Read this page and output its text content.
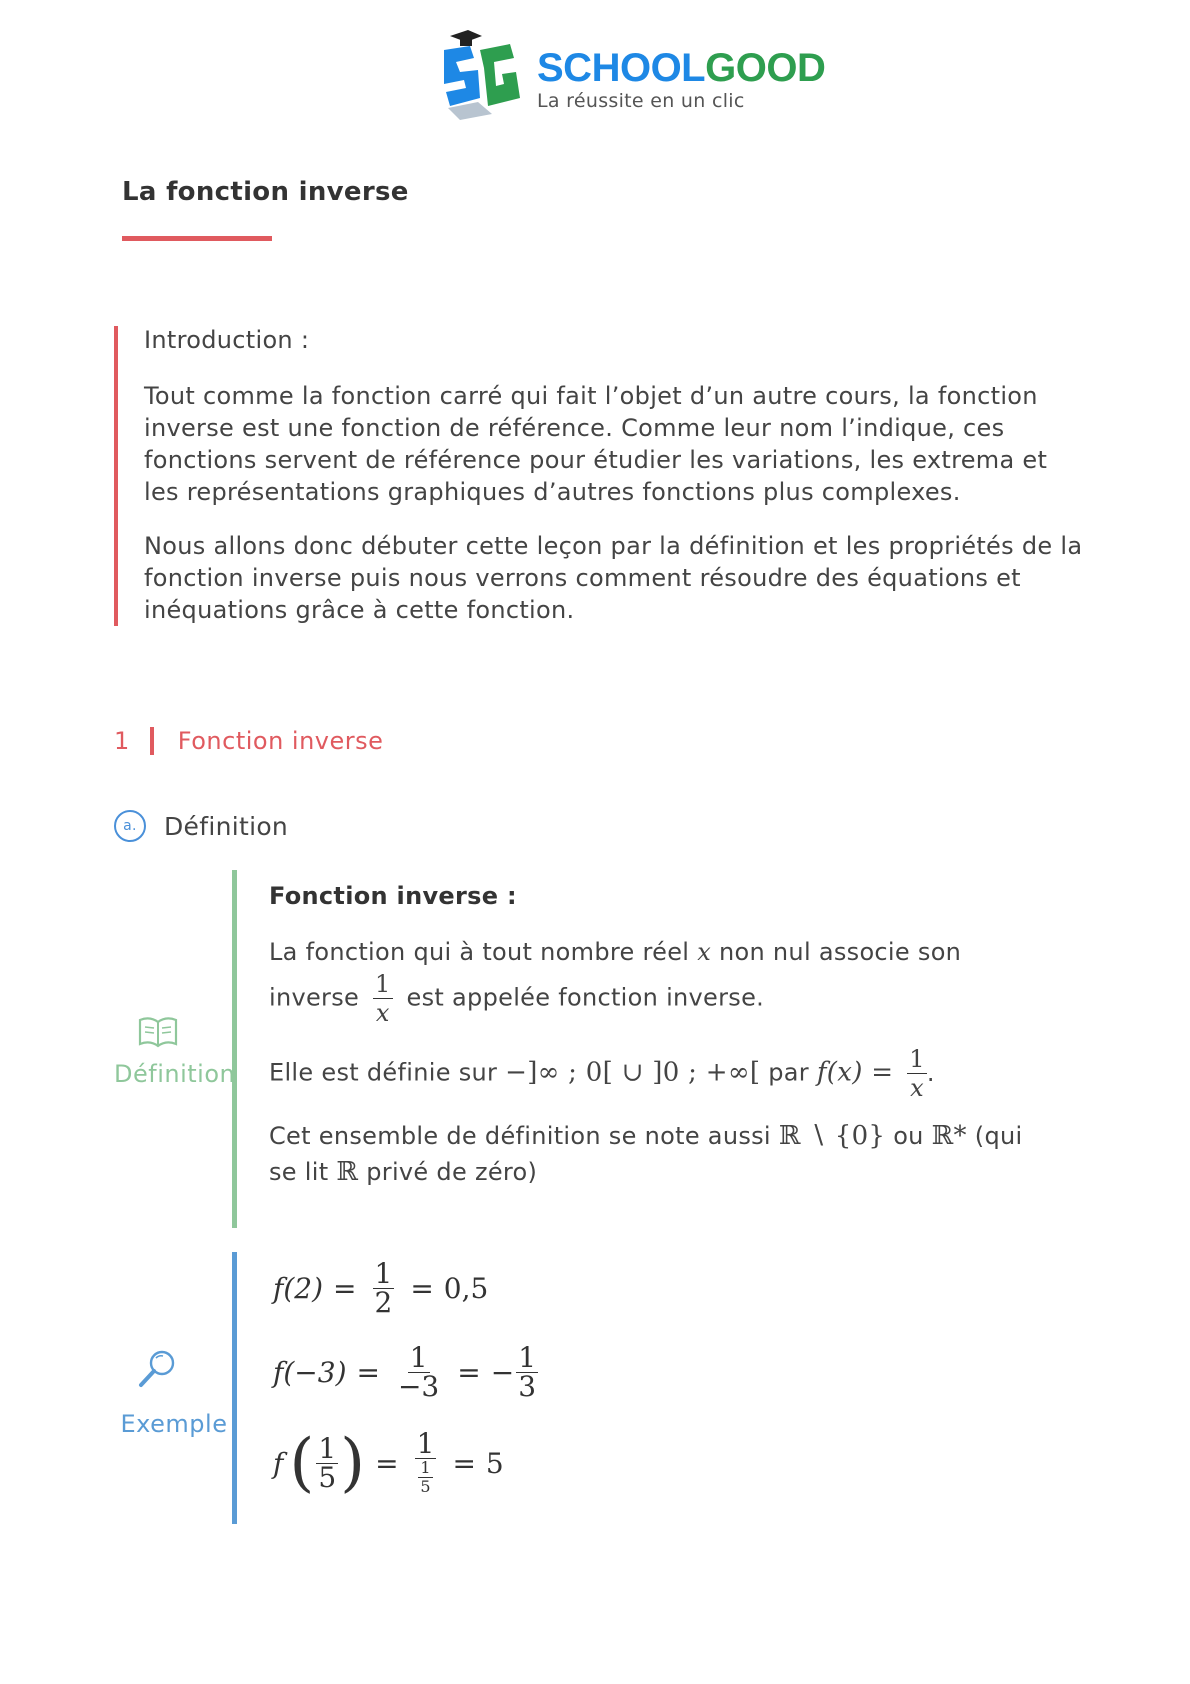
SCHOOLGOOD
La réussite en un clic
La fonction inverse
Introduction :

Tout comme la fonction carré qui fait l’objet d’un autre cours, la fonction inverse est une fonction de référence. Comme leur nom l’indique, ces fonctions servent de référence pour étudier les variations, les extrema et les représentations graphiques d’autres fonctions plus complexes.

Nous allons donc débuter cette leçon par la définition et les propriétés de la fonction inverse puis nous verrons comment résoudre des équations et inéquations grâce à cette fonction.

1 Fonction inverse
a.	Définition
Définition
Fonction inverse :
La fonction qui à tout nombre réel x non nul associe son
inverse $\frac{1}{x}$ est appelée fonction inverse.
Elle est définie sur −]∞ ; 0[ ∪ ]0 ; +∞[ par $f(x) = \frac{1}{x}$ .
Cet ensemble de définition se note aussi ℝ ∖ {0} ou ℝ* (qui
se lit ℝ privé de zéro)
Exemple
$f(2) = \frac{1}{2} = 0,5$
$f(-3) = \frac{1}{-3}$ = − $\frac{1}{3}$
f ( $\frac{1}{5}$ ) = $\frac{1}{\frac{1}{5}} = 5$
